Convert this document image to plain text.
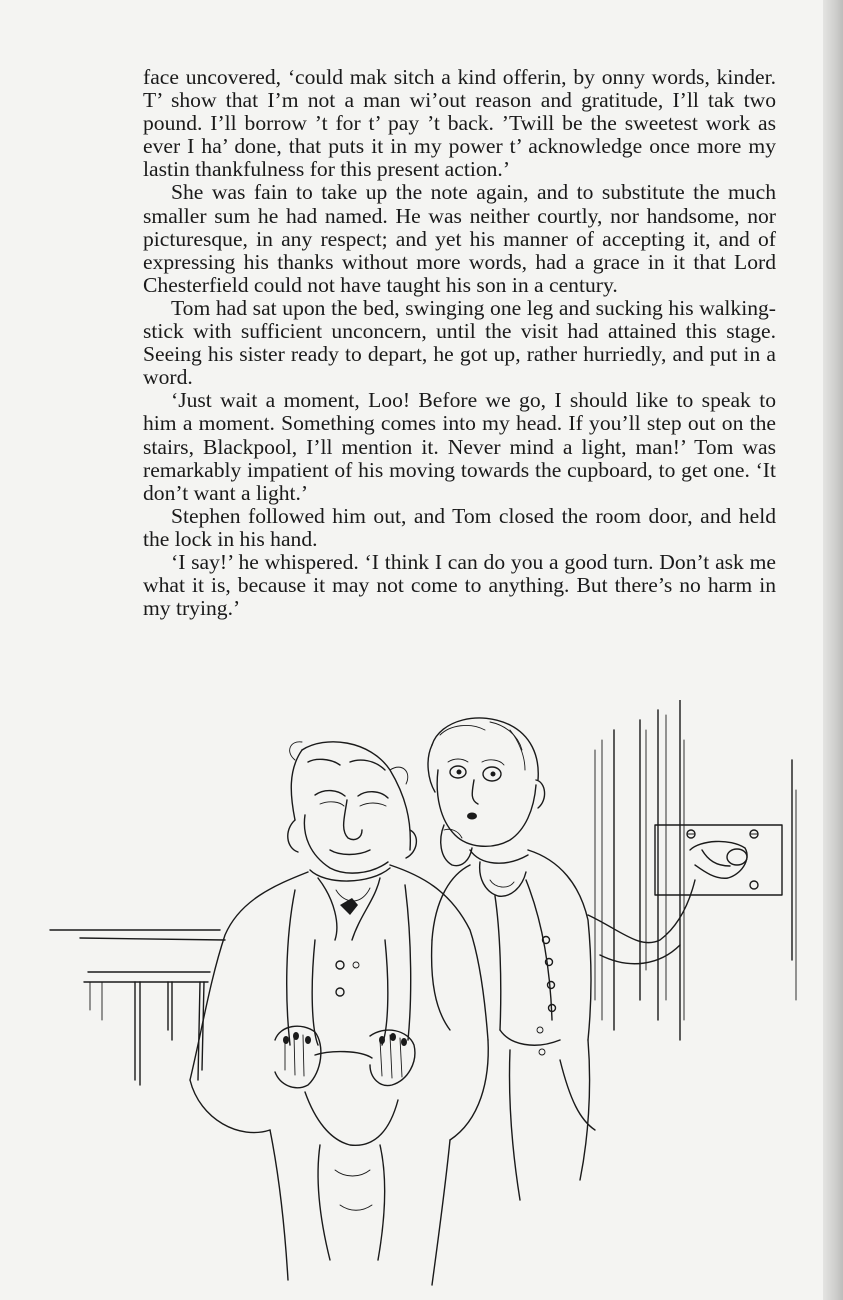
face uncovered, ‘could mak sitch a kind offerin, by onny words, kinder. T’ show that I’m not a man wi’out reason and gratitude, I’ll tak two pound. I’ll borrow ’t for t’ pay ’t back. ’Twill be the sweetest work as ever I ha’ done, that puts it in my power t’ acknowledge once more my lastin thankfulness for this present action.’

She was fain to take up the note again, and to substitute the much smaller sum he had named. He was neither courtly, nor handsome, nor picturesque, in any respect; and yet his manner of accepting it, and of expressing his thanks without more words, had a grace in it that Lord Chesterfield could not have taught his son in a century.

Tom had sat upon the bed, swinging one leg and sucking his walking-stick with sufficient unconcern, until the visit had attained this stage. Seeing his sister ready to depart, he got up, rather hurriedly, and put in a word.

‘Just wait a moment, Loo! Before we go, I should like to speak to him a moment. Something comes into my head. If you’ll step out on the stairs, Blackpool, I’ll mention it. Never mind a light, man!’ Tom was remarkably impatient of his moving towards the cupboard, to get one. ‘It don’t want a light.’

Stephen followed him out, and Tom closed the room door, and held the lock in his hand.

‘I say!’ he whispered. ‘I think I can do you a good turn. Don’t ask me what it is, because it may not come to anything. But there’s no harm in my trying.’
